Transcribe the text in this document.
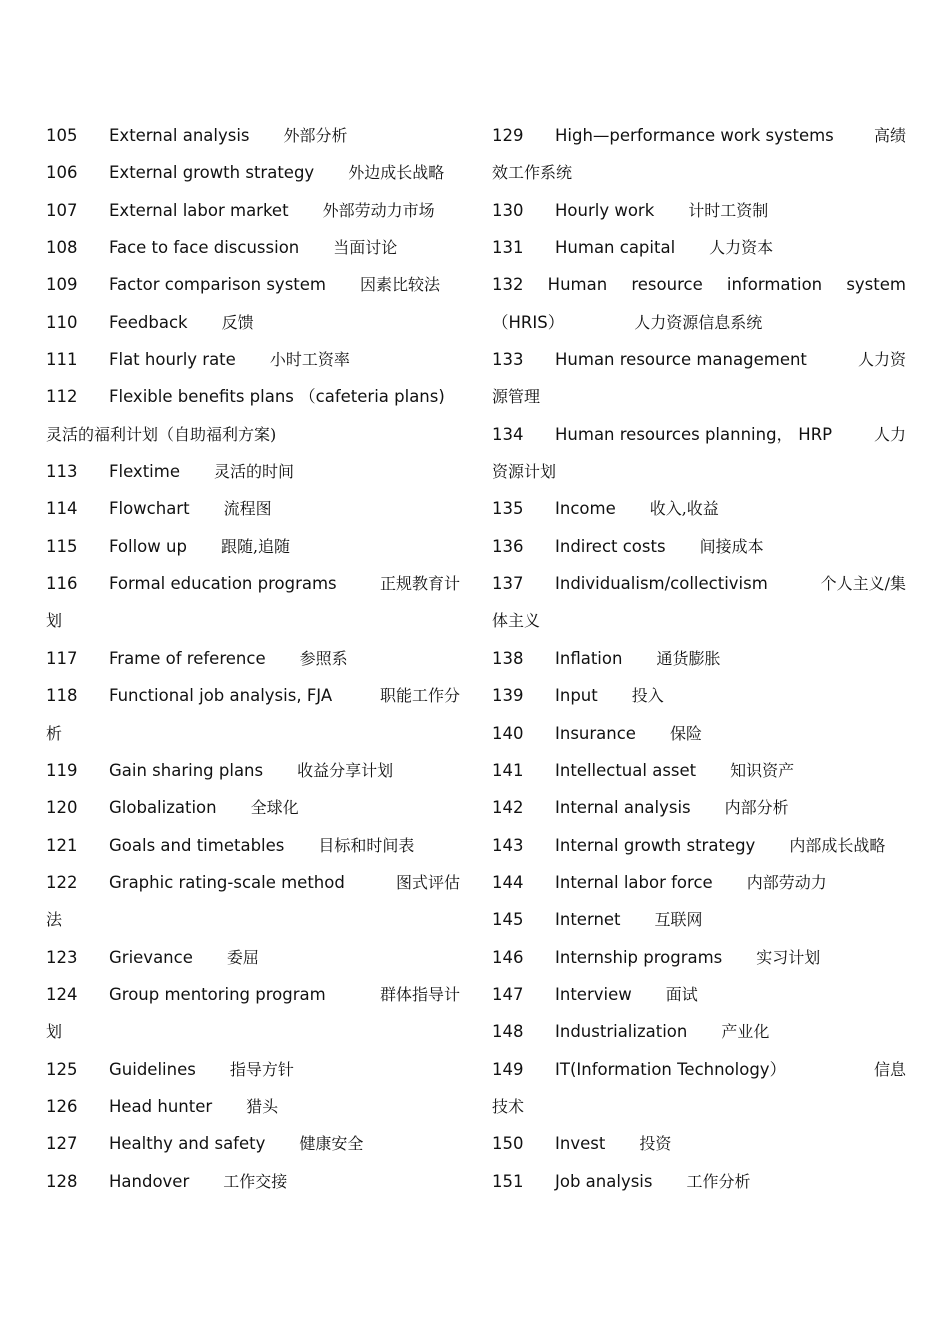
105 External analysis 外部分析
106 External growth strategy 外边成长战略
107 External labor market 外部劳动力市场
108 Face to face discussion 当面讨论
109 Factor comparison system 因素比较法
110 Feedback 反馈
111 Flat hourly rate 小时工资率
112 Flexible benefits plans （cafeteria plans)
灵活的福利计划（自助福利方案)
113 Flextime 灵活的时间
114 Flowchart 流程图
115 Follow up 跟随,追随
116 Formal education programs	正规教育计
划
117 Frame of reference 参照系
118 Functional job analysis, FJA	职能工作分
析
119 Gain sharing plans 收益分享计划
120 Globalization 全球化
121 Goals and timetables 目标和时间表
122 Graphic rating-scale method	图式评估
法
123 Grievance 委屈
124 Group mentoring program	群体指导计
划
125 Guidelines 指导方针
126 Head hunter 猎头
127 Healthy and safety 健康安全
128 Handover 工作交接
129 High—performance work systems	高绩
效工作系统
130 Hourly work 计时工资制
131 Human capital 人力资本
132 Human resource information system
（HRIS）	人力资源信息系统
133 Human resource management	人力资
源管理
134 Human resources planning， HRP	人力
资源计划
135 Income 收入,收益
136 Indirect costs 间接成本
137 Individualism/collectivism	个人主义/集
体主义
138 Inflation 通货膨胀
139 Input 投入
140 Insurance 保险
141 Intellectual asset 知识资产
142 Internal analysis 内部分析
143 Internal growth strategy 内部成长战略
144 Internal labor force 内部劳动力
145 Internet 互联网
146 Internship programs 实习计划
147 Interview 面试
148 Industrialization 产业化
149 IT(Information Technology）	信息
技术
150 Invest 投资
151 Job analysis 工作分析
